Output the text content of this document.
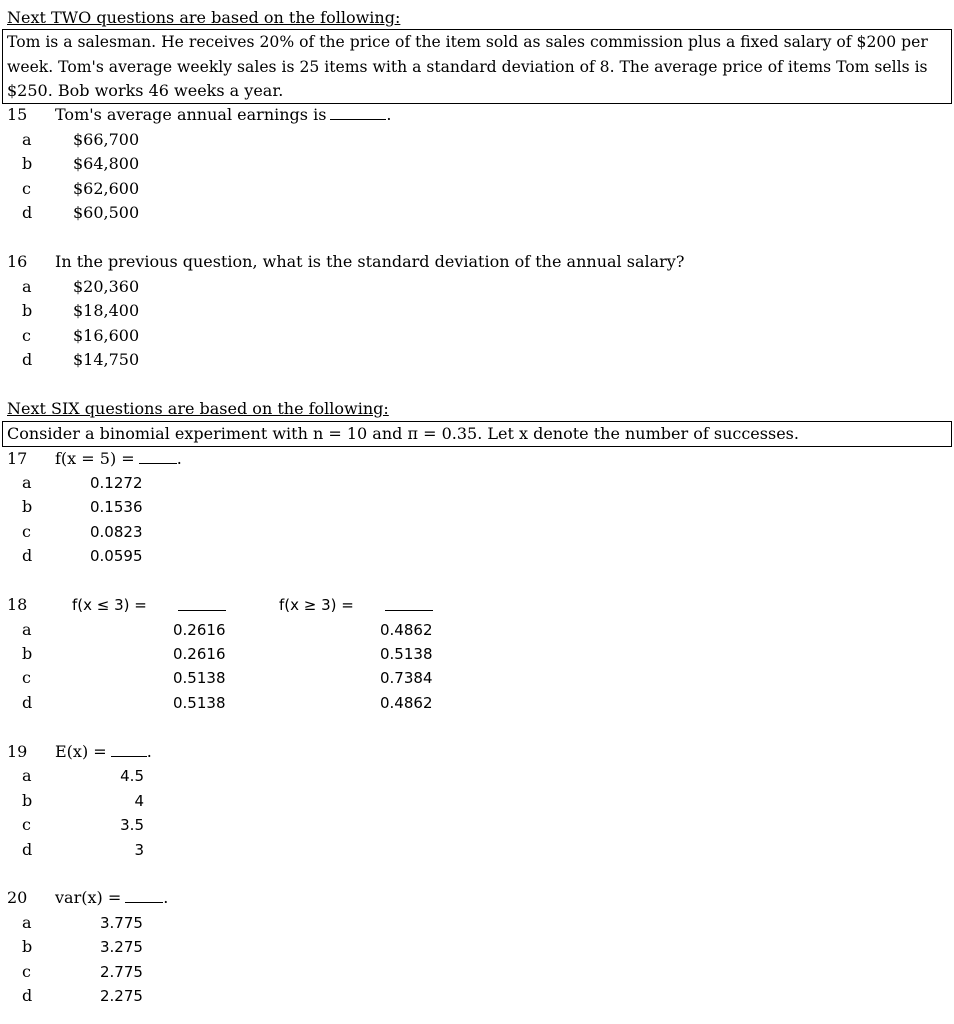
Next TWO questions are based on the following:
Tom is a salesman. He receives 20% of the price of the item sold as sales commission plus a fixed salary of $200 per
week. Tom's average weekly sales is 25 items with a standard deviation of 8. The average price of items Tom sells is
$250. Bob works 46 weeks a year.
15 Tom's average annual earnings is	.
a	$66,700
b	$64,800
c	$62,600
d	$60,500
16 In the previous question, what is the standard deviation of the annual salary?
a	$20,360
b	$18,400
c	$16,600
d	$14,750
Next SIX questions are based on the following:
Consider a binomial experiment with n = 10 and π = 0.35. Let x denote the number of successes.
17 f(x = 5) =	.
a	0.1272
b	0.1536
c	0.0823
d	0.0595
18	f(x ≤ 3) =	f(x ≥ 3) =
a	0.2616	0.4862
b	0.2616	0.5138
c	0.5138	0.7384
d	0.5138	0.4862
19 E(x) =	.
a	4.5
b	4
c	3.5
d	3
20 var(x) =	.
a	3.775
b	3.275
c	2.775
d	2.275
